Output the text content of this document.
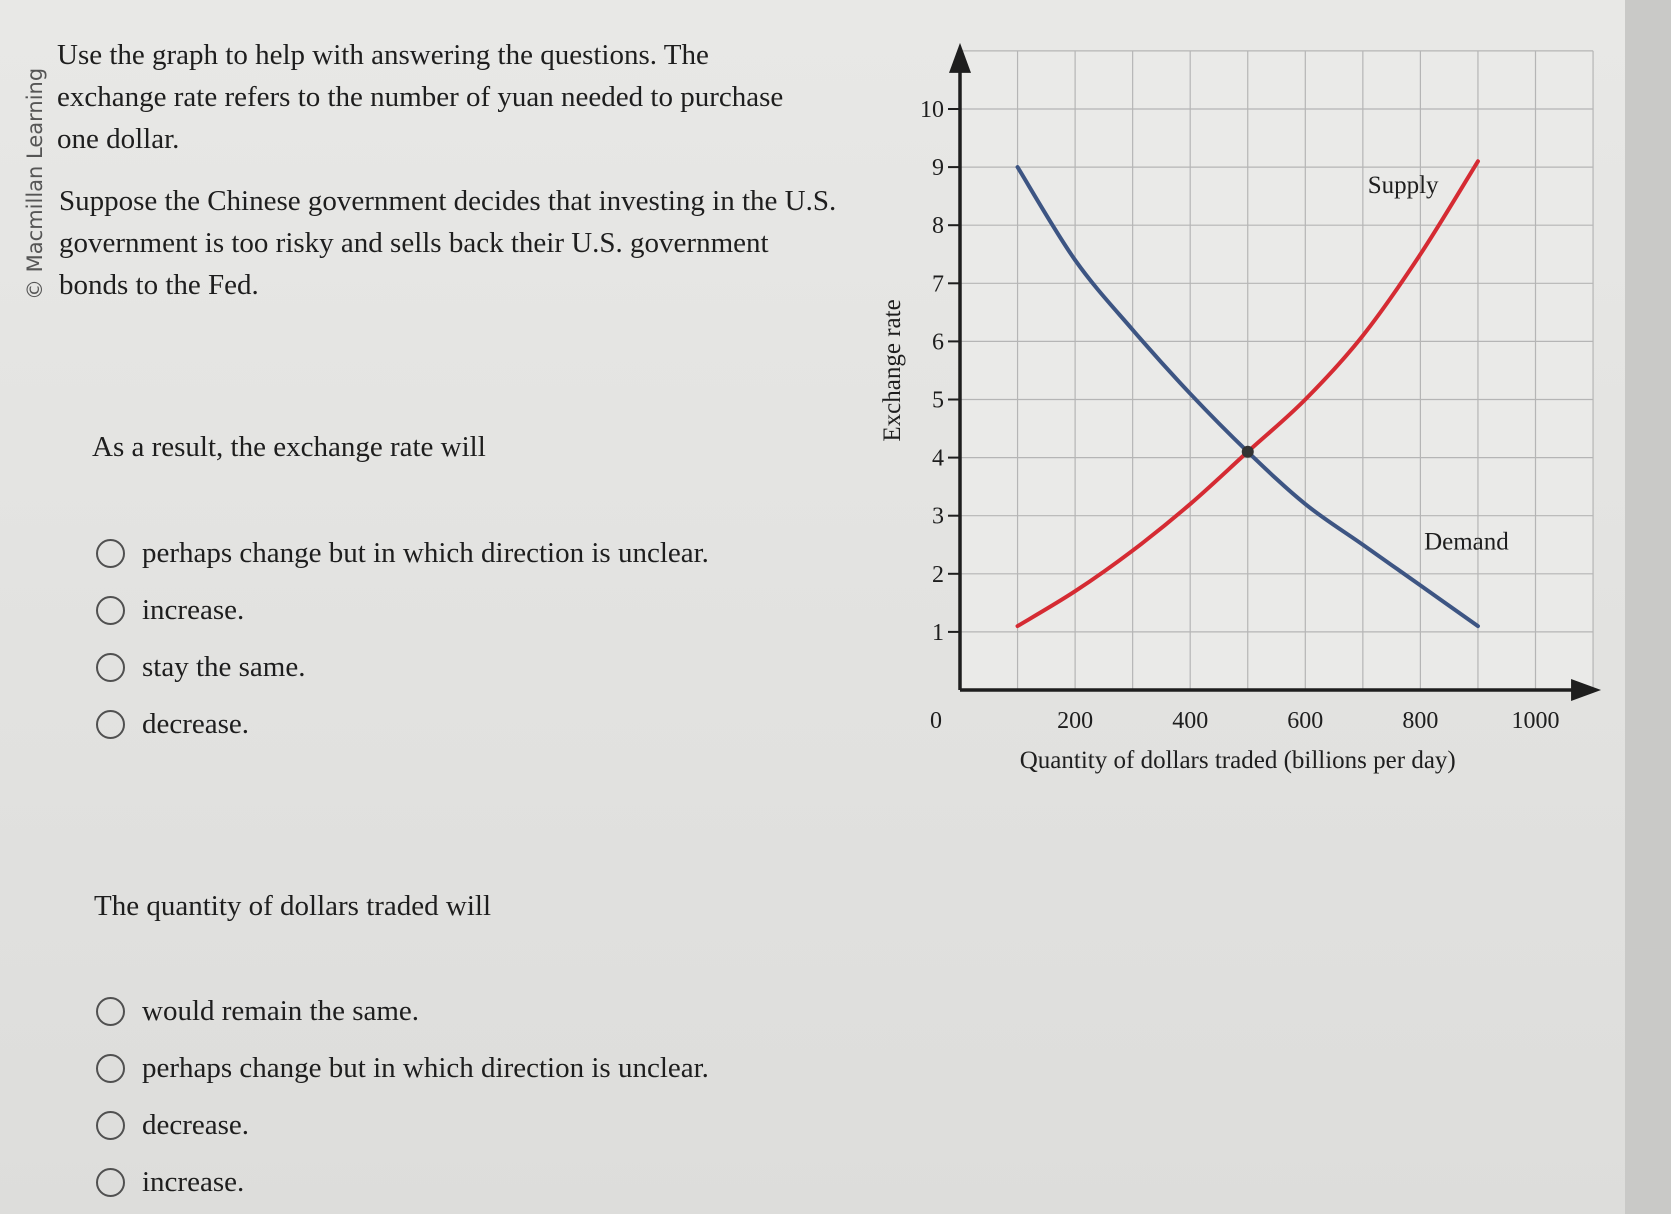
© Macmillan Learning
Use the graph to help with answering the questions. The exchange rate refers to the number of yuan needed to purchase one dollar.
Suppose the Chinese government decides that investing in the U.S. government is too risky and sells back their U.S. government bonds to the Fed.
As a result, the exchange rate will
perhaps change but in which direction is unclear.
increase.
stay the same.
decrease.
The quantity of dollars traded will
would remain the same.
perhaps change but in which direction is unclear.
decrease.
increase.
1
2
3
4
5
6
7
8
9
10
200	400	600	800	1000
0
Quantity of dollars traded (billions per day)
Exchange rate
Supply
Demand
